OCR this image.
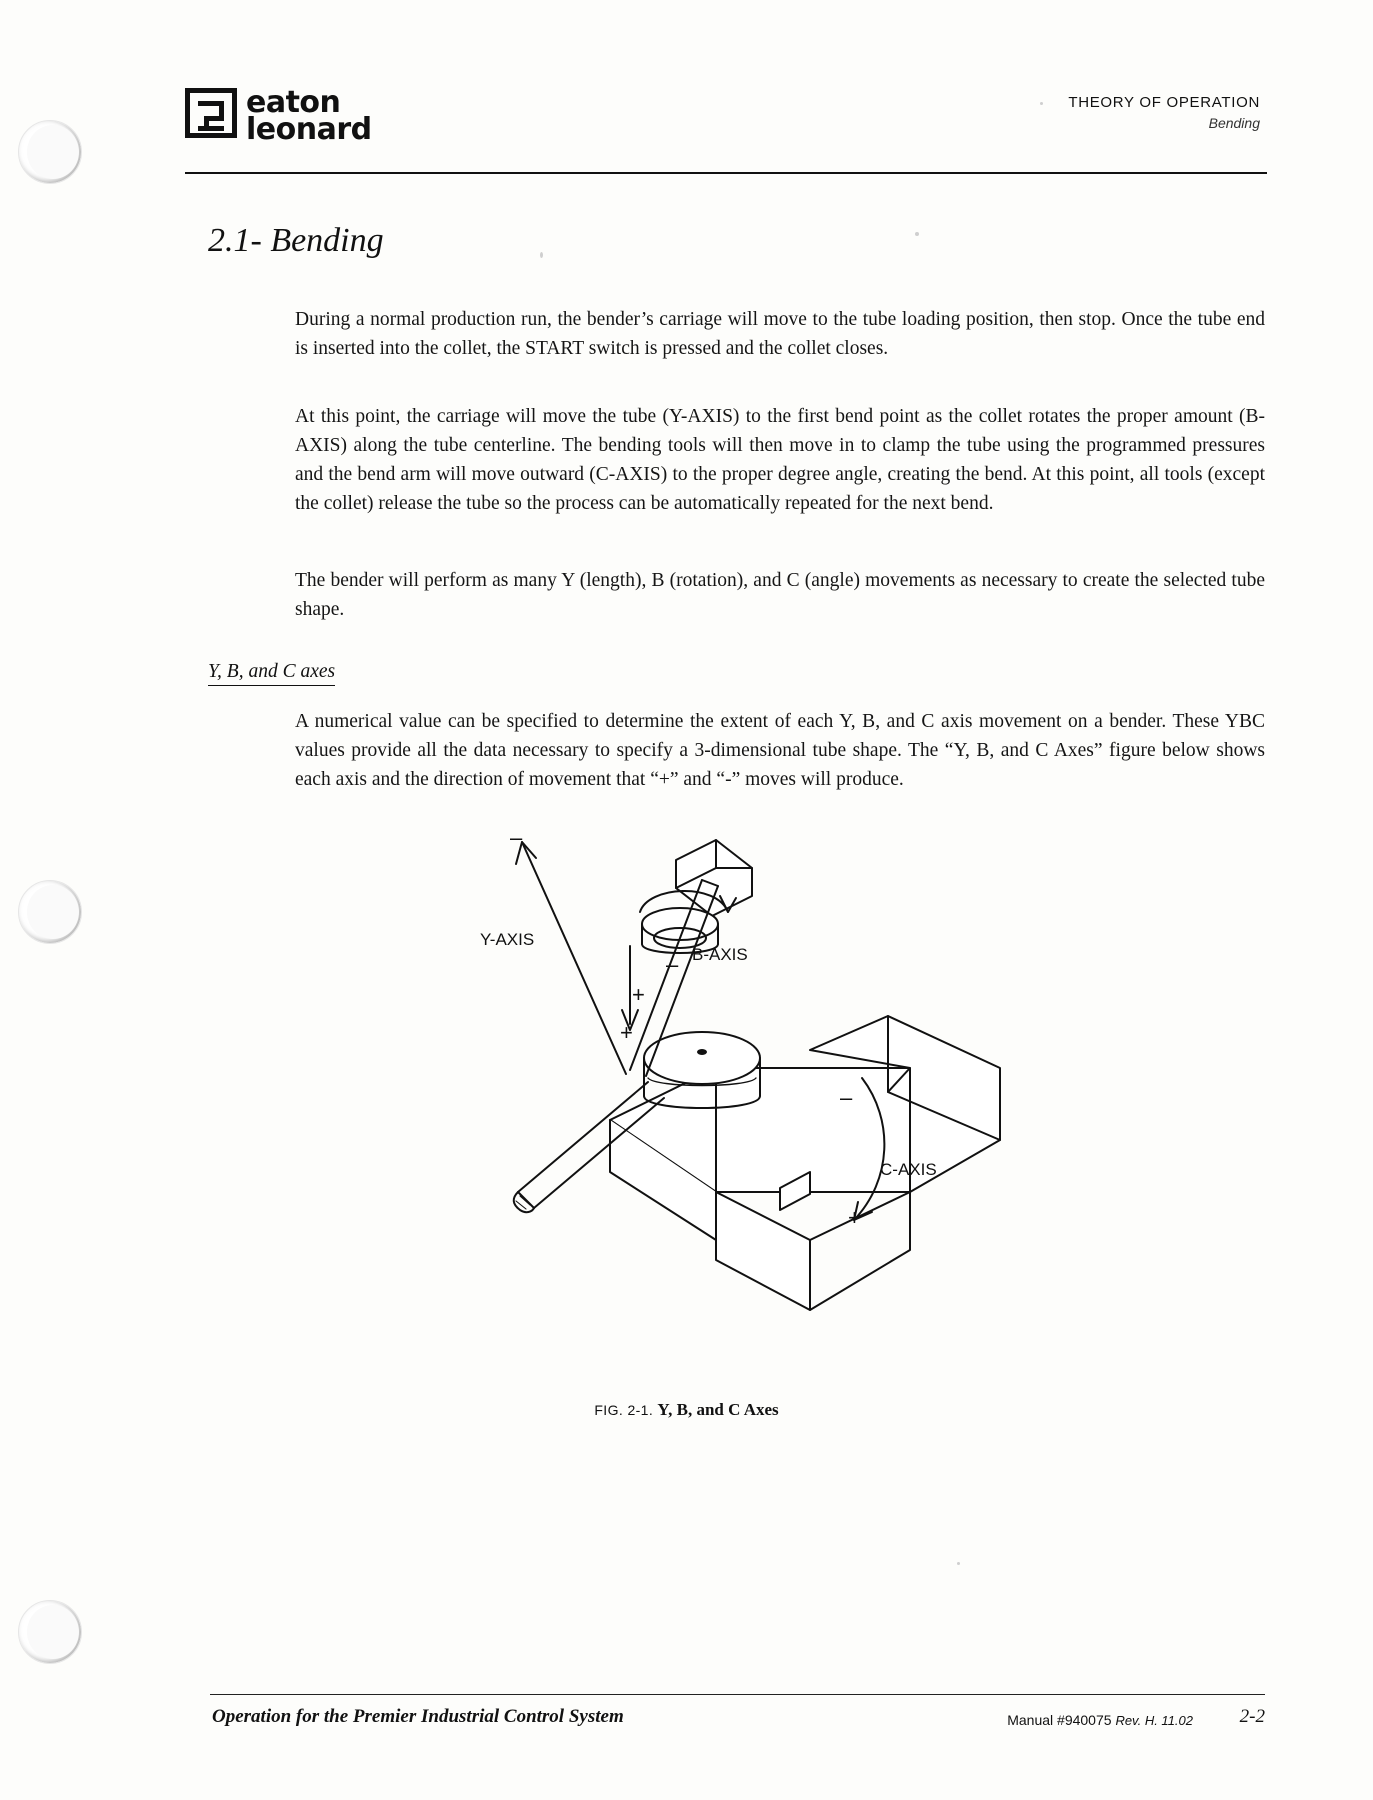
eaton
leonard
THEORY OF OPERATION
Bending
2.1- Bending
During a normal production run, the bender’s carriage will move to the tube loading position, then stop. Once the tube end is inserted into the collet, the START switch is pressed and the collet closes.
At this point, the carriage will move the tube (Y-AXIS) to the first bend point as the collet rotates the proper amount (B-AXIS) along the tube centerline. The bending tools will then move in to clamp the tube using the programmed pressures and the bend arm will move outward (C-AXIS) to the proper degree angle, creating the bend. At this point, all tools (except the collet) release the tube so the process can be automatically repeated for the next bend.
The bender will perform as many Y (length), B (rotation), and C (angle) movements as necessary to create the selected tube shape.
Y, B, and C axes
A numerical value can be specified to determine the extent of each Y, B, and C axis movement on a bender. These YBC values provide all the data necessary to specify a 3-dimensional tube shape. The “Y, B, and C Axes” figure below shows each axis and the direction of movement that “+” and “-” moves will produce.
Y-AXIS
B-AXIS
C-AXIS
–
+
–
+
–
+
FIG. 2-1. Y, B, and C Axes
Operation for the Premier Industrial Control System	Manual #940075 Rev. H. 11.02 2-2
